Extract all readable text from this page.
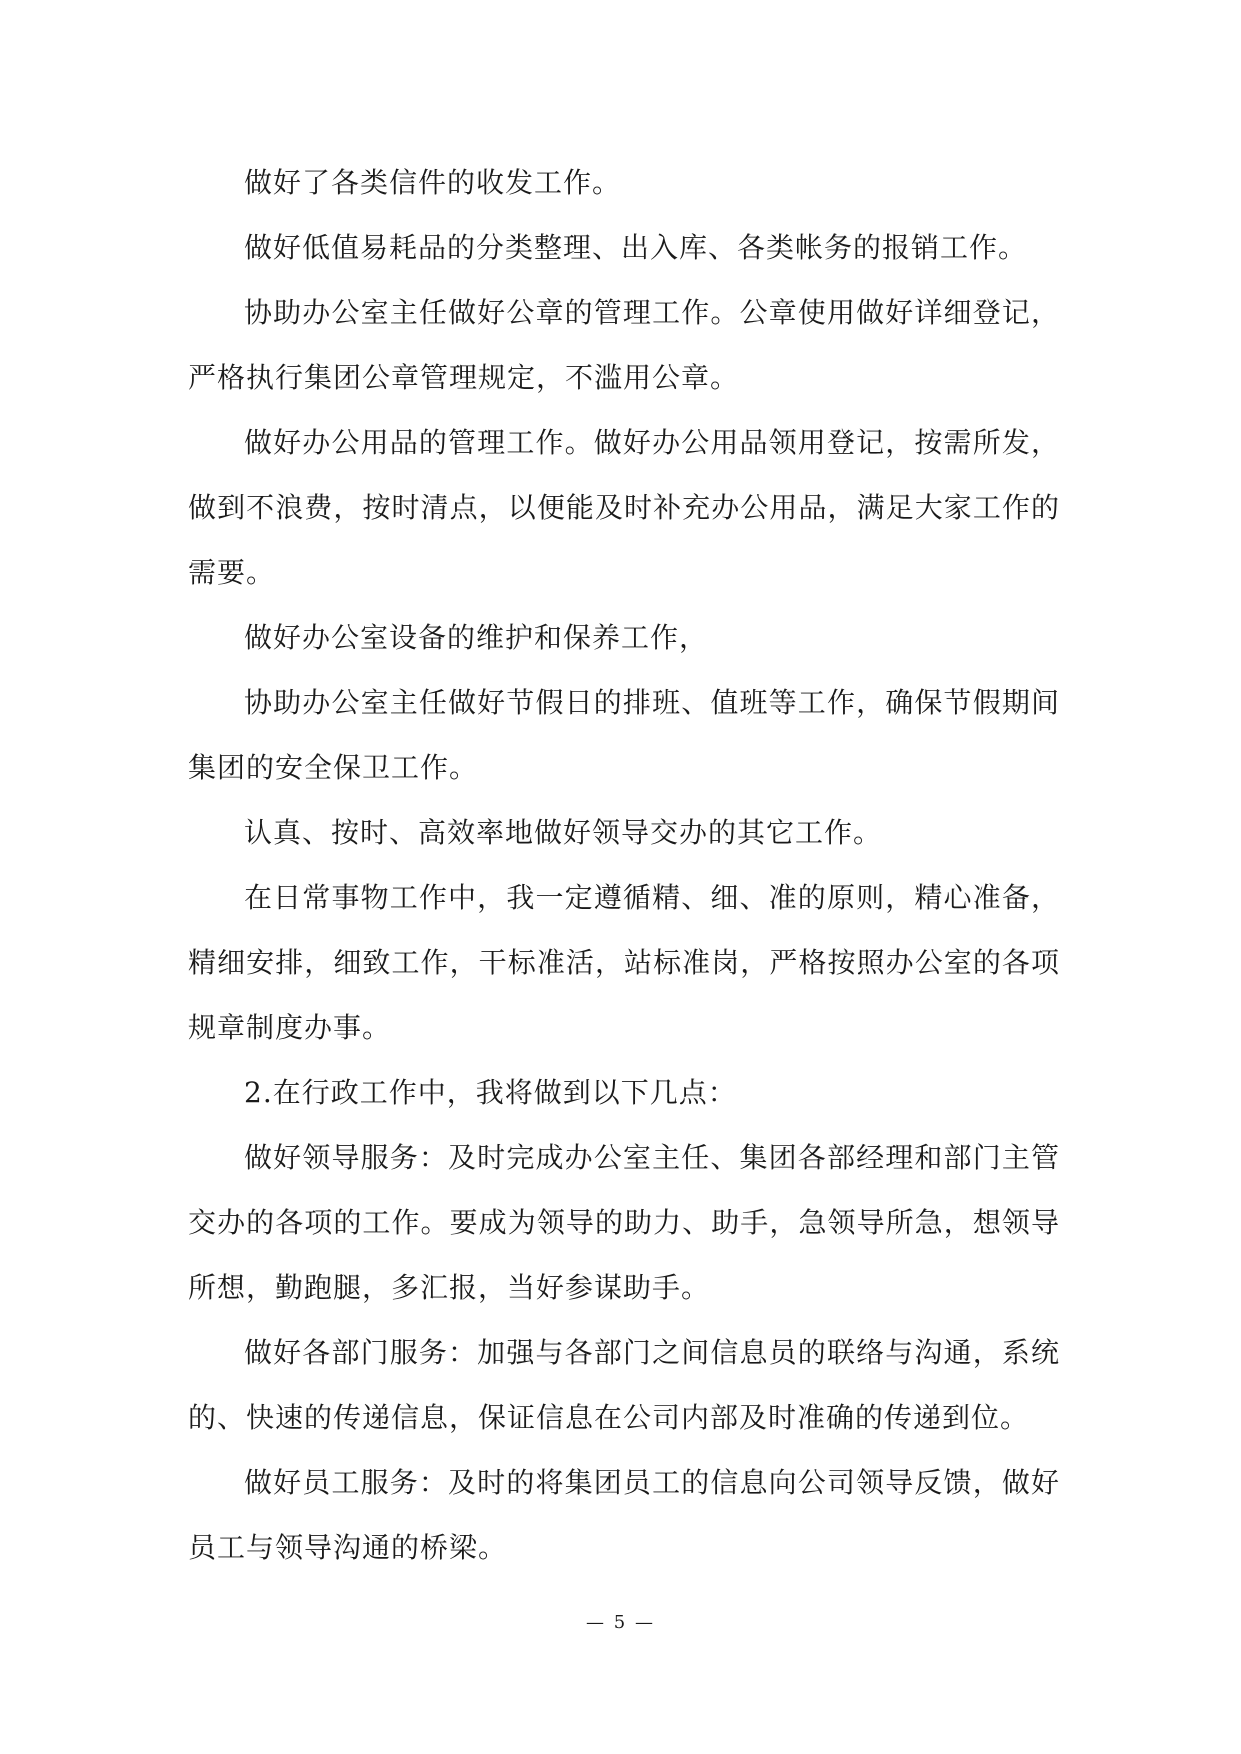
做好了各类信件的收发工作。

做好低值易耗品的分类整理、出入库、各类帐务的报销工作。

协助办公室主任做好公章的管理工作。公章使用做好详细登记，严格执行集团公章管理规定，不滥用公章。

做好办公用品的管理工作。做好办公用品领用登记，按需所发，做到不浪费，按时清点，以便能及时补充办公用品，满足大家工作的需要。

做好办公室设备的维护和保养工作，

协助办公室主任做好节假日的排班、值班等工作，确保节假期间集团的安全保卫工作。

认真、按时、高效率地做好领导交办的其它工作。

在日常事物工作中，我一定遵循精、细、准的原则，精心准备，精细安排，细致工作，干标准活，站标准岗，严格按照办公室的各项规章制度办事。

2.在行政工作中，我将做到以下几点：

做好领导服务：及时完成办公室主任、集团各部经理和部门主管交办的各项的工作。要成为领导的助力、助手，急领导所急，想领导所想，勤跑腿，多汇报，当好参谋助手。

做好各部门服务：加强与各部门之间信息员的联络与沟通，系统的、快速的传递信息，保证信息在公司内部及时准确的传递到位。

做好员工服务：及时的将集团员工的信息向公司领导反馈，做好员工与领导沟通的桥梁。

— 5 —
